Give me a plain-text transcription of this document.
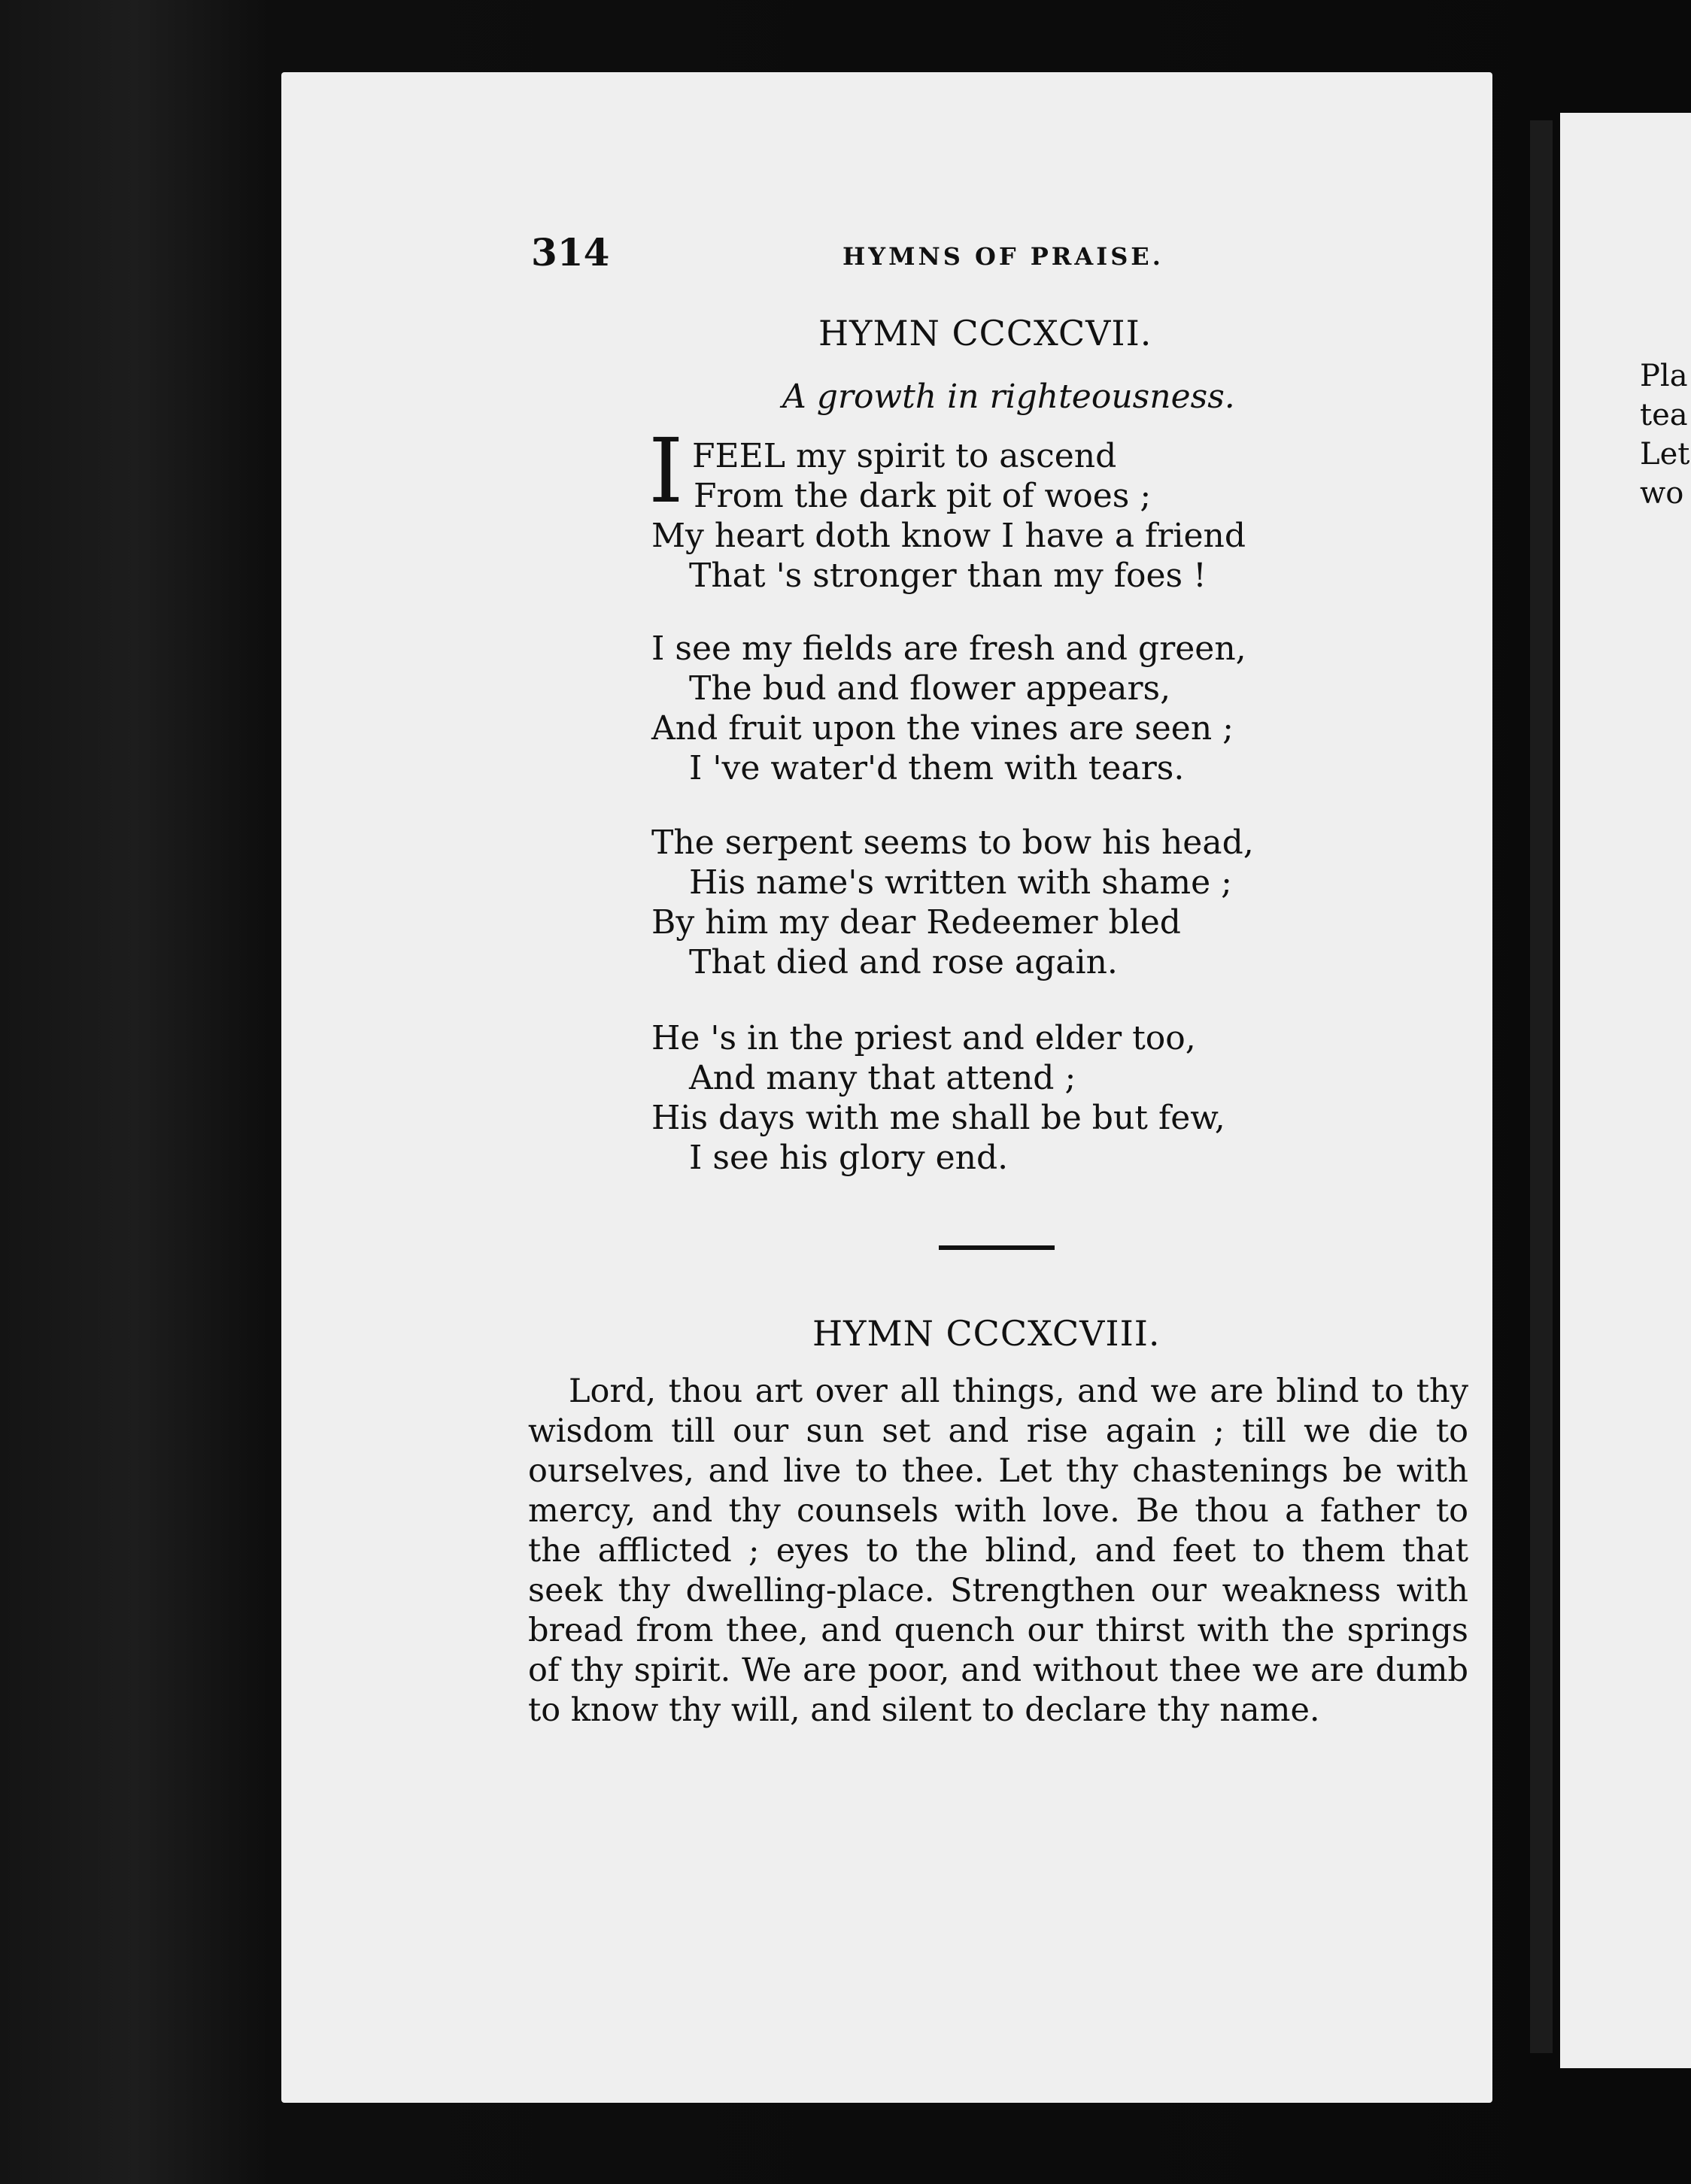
Pla
tea
Let
wo
314	HYMNS OF PRAISE.
HYMN CCCXCVII.
A growth in righteousness.
I FEEL my spirit to ascend
From the dark pit of woes ;
My heart doth know I have a friend
That 's stronger than my foes !
I see my fields are fresh and green,
The bud and flower appears,
And fruit upon the vines are seen ;
I 've water'd them with tears.
The serpent seems to bow his head,
His name's written with shame ;
By him my dear Redeemer bled
That died and rose again.
He 's in the priest and elder too,
And many that attend ;
His days with me shall be but few,
I see his glory end.
HYMN CCCXCVIII.
Lord, thou art over all things, and we are blind to thy wisdom till our sun set and rise again ; till we die to ourselves, and live to thee. Let thy chastenings be with mercy, and thy counsels with love. Be thou a father to the afflicted ; eyes to the blind, and feet to them that seek thy dwelling-place. Strengthen our weakness with bread from thee, and quench our thirst with the springs of thy spirit. We are poor, and without thee we are dumb to know thy will, and silent to declare thy name.
